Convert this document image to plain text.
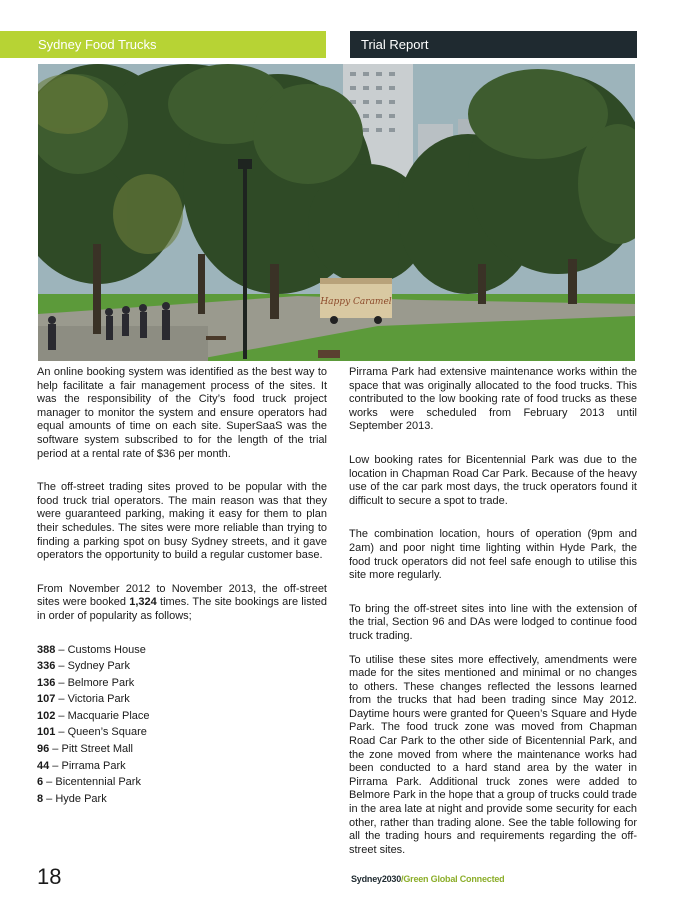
Sydney Food Trucks	Trial Report
Happy Caramel

An online booking system was identified as the best way to help facilitate a fair management process of the sites. It was the responsibility of the City’s food truck project manager to monitor the system and ensure operators had equal amounts of time on each site. SuperSaaS was the software system subscribed to for the length of the trial period at a rental rate of $36 per month.

The off-street trading sites proved to be popular with the food truck trial operators. The main reason was that they were guaranteed parking, making it easy for them to plan their schedules. The sites were more reliable than trying to finding a parking spot on busy Sydney streets, and it gave operators the opportunity to build a regular customer base.

From November 2012 to November 2013, the off-street sites were booked 1,324 times. The site bookings are listed in order of popularity as follows;

388 – Customs House
336 – Sydney Park
136 – Belmore Park
107 – Victoria Park
102 – Macquarie Place
101 – Queen’s Square
96 – Pitt Street Mall
44 – Pirrama Park
6 – Bicentennial Park
8 – Hyde Park

Pirrama Park had extensive maintenance works within the space that was originally allocated to the food trucks. This contributed to the low booking rate of food trucks as these works were scheduled from February 2013 until September 2013.

Low booking rates for Bicentennial Park was due to the location in Chapman Road Car Park. Because of the heavy use of the car park most days, the truck operators found it difficult to secure a spot to trade.

The combination location, hours of operation (9pm and 2am) and poor night time lighting within Hyde Park, the food truck operators did not feel safe enough to utilise this site more regularly.

To bring the off-street sites into line with the extension of the trial, Section 96 and DAs were lodged to continue food truck trading.

To utilise these sites more effectively, amendments were made for the sites mentioned and minimal or no changes to others. These changes reflected the lessons learned from the trucks that had been trading since May 2012. Daytime hours were granted for Queen’s Square and Hyde Park. The food truck zone was moved from Chapman Road Car Park to the other side of Bicentennial Park, and the zone moved from where the maintenance works had been conducted to a hard stand area by the water in Pirrama Park. Additional truck zones were added to Belmore Park in the hope that a group of trucks could trade in the area late at night and provide some security for each other, rather than trading alone. See the table following for all the trading hours and requirements regarding the off-street sites.

18	Sydney2030/Green Global Connected
